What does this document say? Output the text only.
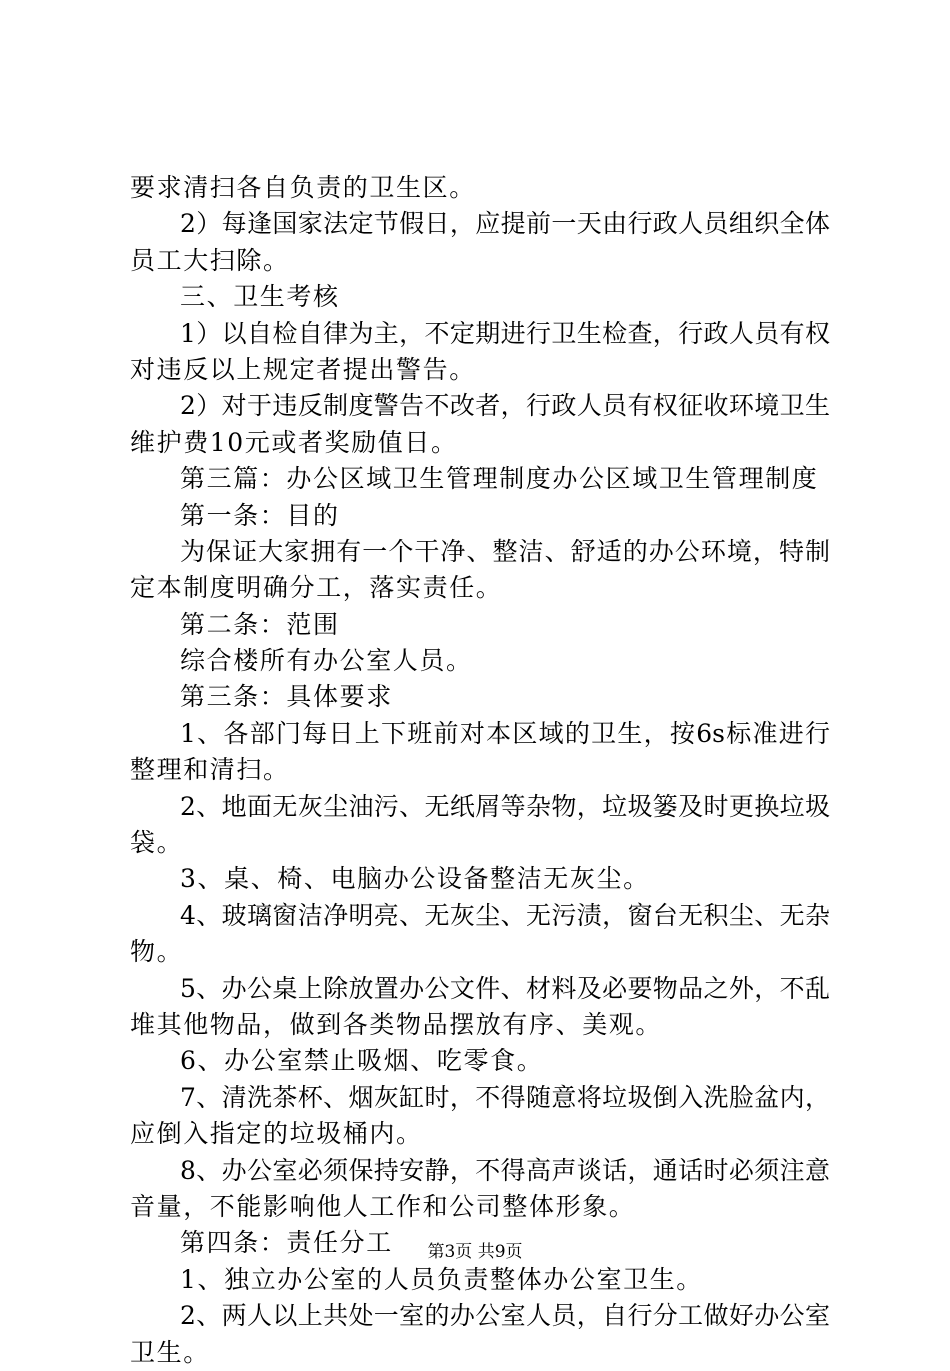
要求清扫各自负责的卫生区。
2）每逢国家法定节假日，应提前一天由行政人员组织全体
员工大扫除。
三、卫生考核
1）以自检自律为主，不定期进行卫生检查，行政人员有权
对违反以上规定者提出警告。
2）对于违反制度警告不改者，行政人员有权征收环境卫生
维护费10元或者奖励值日。
第三篇：办公区域卫生管理制度办公区域卫生管理制度
第一条：目的
为保证大家拥有一个干净、整洁、舒适的办公环境，特制
定本制度明确分工，落实责任。
第二条：范围
综合楼所有办公室人员。
第三条：具体要求
1、各部门每日上下班前对本区域的卫生，按6s标准进行
整理和清扫。
2、地面无灰尘油污、无纸屑等杂物，垃圾篓及时更换垃圾
袋。
3、桌、椅、电脑办公设备整洁无灰尘。
4、玻璃窗洁净明亮、无灰尘、无污渍，窗台无积尘、无杂
物。
5、办公桌上除放置办公文件、材料及必要物品之外，不乱
堆其他物品，做到各类物品摆放有序、美观。
6、办公室禁止吸烟、吃零食。
7、清洗茶杯、烟灰缸时，不得随意将垃圾倒入洗脸盆内，
应倒入指定的垃圾桶内。
8、办公室必须保持安静，不得高声谈话，通话时必须注意
音量，不能影响他人工作和公司整体形象。
第四条：责任分工
1、独立办公室的人员负责整体办公室卫生。
2、两人以上共处一室的办公室人员，自行分工做好办公室
卫生。
第3页 共9页
